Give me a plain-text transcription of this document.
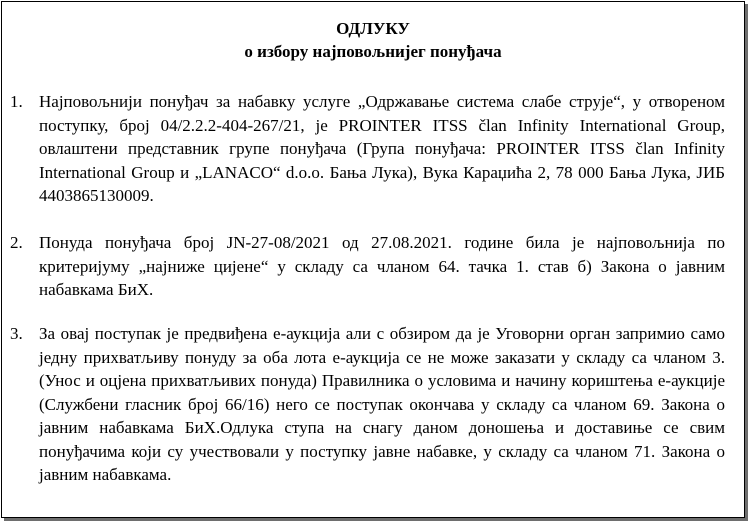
ОДЛУКУ
о избору најповољнијег понуђача
1. Најповољнији понуђач за набавку услуге „Одржавање система слабе струје“, у отвореном поступку, број 04/2.2.2-404-267/21, је PROINTER ITSS član Infinity International Group, овлаштени представник групе понуђача (Група понуђача: PROINTER ITSS član Infinity International Group и „LANACO“ d.o.o. Бања Лука), Вука Караџића 2, 78 000 Бања Лука, ЈИБ 4403865130009.
2. Понуда понуђача број JN-27-08/2021 од 27.08.2021. године била је најповољнија по критеријуму „најниже цијене“ у складу са чланом 64. тачка 1. став б) Закона о јавним набавкама БиХ.
3. За овај поступак је предвиђена е-аукција али с обзиром да је Уговорни орган запримио само једну прихватљиву понуду за оба лота е-аукција се не може заказати у складу са чланом 3. (Унос и оцјена прихватљивих понуда) Правилника о условима и начину кориштења е-аукције (Службени гласник број 66/16) него се поступак окончава у складу са чланом 69. Закона о јавним набавкама БиХ.Одлука ступа на снагу даном доношења и доставиње се свим понуђачима који су учествовали у поступку јавне набавке, у складу са чланом 71. Закона о јавним набавкама.
